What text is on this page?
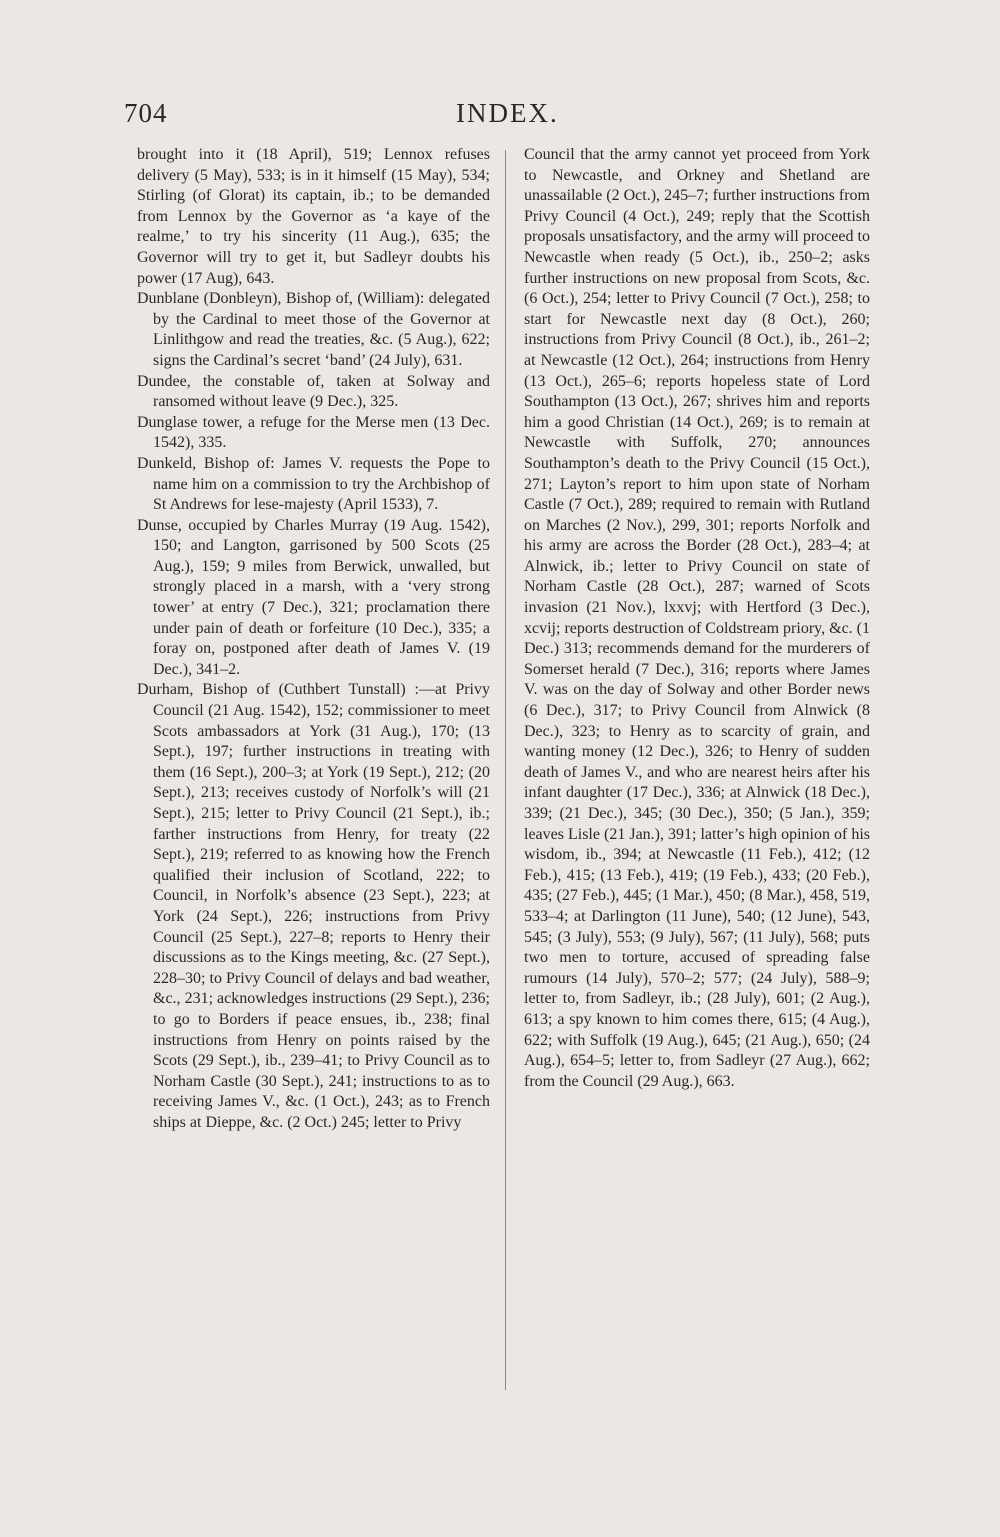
704	INDEX.

brought into it (18 April), 519; Lennox refuses delivery (5 May), 533; is in it himself (15 May), 534; Stirling (of Glorat) its captain, ib.; to be demanded from Lennox by the Governor as ‘a kaye of the realme,’ to try his sincerity (11 Aug.), 635; the Governor will try to get it, but Sadleyr doubts his power (17 Aug), 643.

Dunblane (Donbleyn), Bishop of, (William): delegated by the Cardinal to meet those of the Governor at Linlithgow and read the treaties, &c. (5 Aug.), 622; signs the Cardinal’s secret ‘band’ (24 July), 631.

Dundee, the constable of, taken at Solway and ransomed without leave (9 Dec.), 325.

Dunglase tower, a refuge for the Merse men (13 Dec. 1542), 335.

Dunkeld, Bishop of: James V. requests the Pope to name him on a commission to try the Archbishop of St Andrews for lese-majesty (April 1533), 7.

Dunse, occupied by Charles Murray (19 Aug. 1542), 150; and Langton, garrisoned by 500 Scots (25 Aug.), 159; 9 miles from Berwick, unwalled, but strongly placed in a marsh, with a ‘very strong tower’ at entry (7 Dec.), 321; proclamation there under pain of death or forfeiture (10 Dec.), 335; a foray on, postponed after death of James V. (19 Dec.), 341–2.

Durham, Bishop of (Cuthbert Tunstall) :—at Privy Council (21 Aug. 1542), 152; commissioner to meet Scots ambassadors at York (31 Aug.), 170; (13 Sept.), 197; further instructions in treating with them (16 Sept.), 200–3; at York (19 Sept.), 212; (20 Sept.), 213; receives custody of Norfolk’s will (21 Sept.), 215; letter to Privy Council (21 Sept.), ib.; farther instructions from Henry, for treaty (22 Sept.), 219; referred to as knowing how the French qualified their inclusion of Scotland, 222; to Council, in Norfolk’s absence (23 Sept.), 223; at York (24 Sept.), 226; instructions from Privy Council (25 Sept.), 227–8; reports to Henry their discussions as to the Kings meeting, &c. (27 Sept.), 228–30; to Privy Council of delays and bad weather, &c., 231; acknowledges instructions (29 Sept.), 236; to go to Borders if peace ensues, ib., 238; final instructions from Henry on points raised by the Scots (29 Sept.), ib., 239–41; to Privy Council as to Norham Castle (30 Sept.), 241; instructions to as to receiving James V., &c. (1 Oct.), 243; as to French ships at Dieppe, &c. (2 Oct.) 245; letter to Privy

Council that the army cannot yet proceed from York to Newcastle, and Orkney and Shetland are unassailable (2 Oct.), 245–7; further instructions from Privy Council (4 Oct.), 249; reply that the Scottish proposals unsatisfactory, and the army will proceed to Newcastle when ready (5 Oct.), ib., 250–2; asks further instructions on new proposal from Scots, &c. (6 Oct.), 254; letter to Privy Council (7 Oct.), 258; to start for Newcastle next day (8 Oct.), 260; instructions from Privy Council (8 Oct.), ib., 261–2; at Newcastle (12 Oct.), 264; instructions from Henry (13 Oct.), 265–6; reports hopeless state of Lord Southampton (13 Oct.), 267; shrives him and reports him a good Christian (14 Oct.), 269; is to remain at Newcastle with Suffolk, 270; announces Southampton’s death to the Privy Council (15 Oct.), 271; Layton’s report to him upon state of Norham Castle (7 Oct.), 289; required to remain with Rutland on Marches (2 Nov.), 299, 301; reports Norfolk and his army are across the Border (28 Oct.), 283–4; at Alnwick, ib.; letter to Privy Council on state of Norham Castle (28 Oct.), 287; warned of Scots invasion (21 Nov.), lxxvj; with Hertford (3 Dec.), xcvij; reports destruction of Coldstream priory, &c. (1 Dec.) 313; recommends demand for the murderers of Somerset herald (7 Dec.), 316; reports where James V. was on the day of Solway and other Border news (6 Dec.), 317; to Privy Council from Alnwick (8 Dec.), 323; to Henry as to scarcity of grain, and wanting money (12 Dec.), 326; to Henry of sudden death of James V., and who are nearest heirs after his infant daughter (17 Dec.), 336; at Alnwick (18 Dec.), 339; (21 Dec.), 345; (30 Dec.), 350; (5 Jan.), 359; leaves Lisle (21 Jan.), 391; latter’s high opinion of his wisdom, ib., 394; at Newcastle (11 Feb.), 412; (12 Feb.), 415; (13 Feb.), 419; (19 Feb.), 433; (20 Feb.), 435; (27 Feb.), 445; (1 Mar.), 450; (8 Mar.), 458, 519, 533–4; at Darlington (11 June), 540; (12 June), 543, 545; (3 July), 553; (9 July), 567; (11 July), 568; puts two men to torture, accused of spreading false rumours (14 July), 570–2; 577; (24 July), 588–9; letter to, from Sadleyr, ib.; (28 July), 601; (2 Aug.), 613; a spy known to him comes there, 615; (4 Aug.), 622; with Suffolk (19 Aug.), 645; (21 Aug.), 650; (24 Aug.), 654–5; letter to, from Sadleyr (27 Aug.), 662; from the Council (29 Aug.), 663.
